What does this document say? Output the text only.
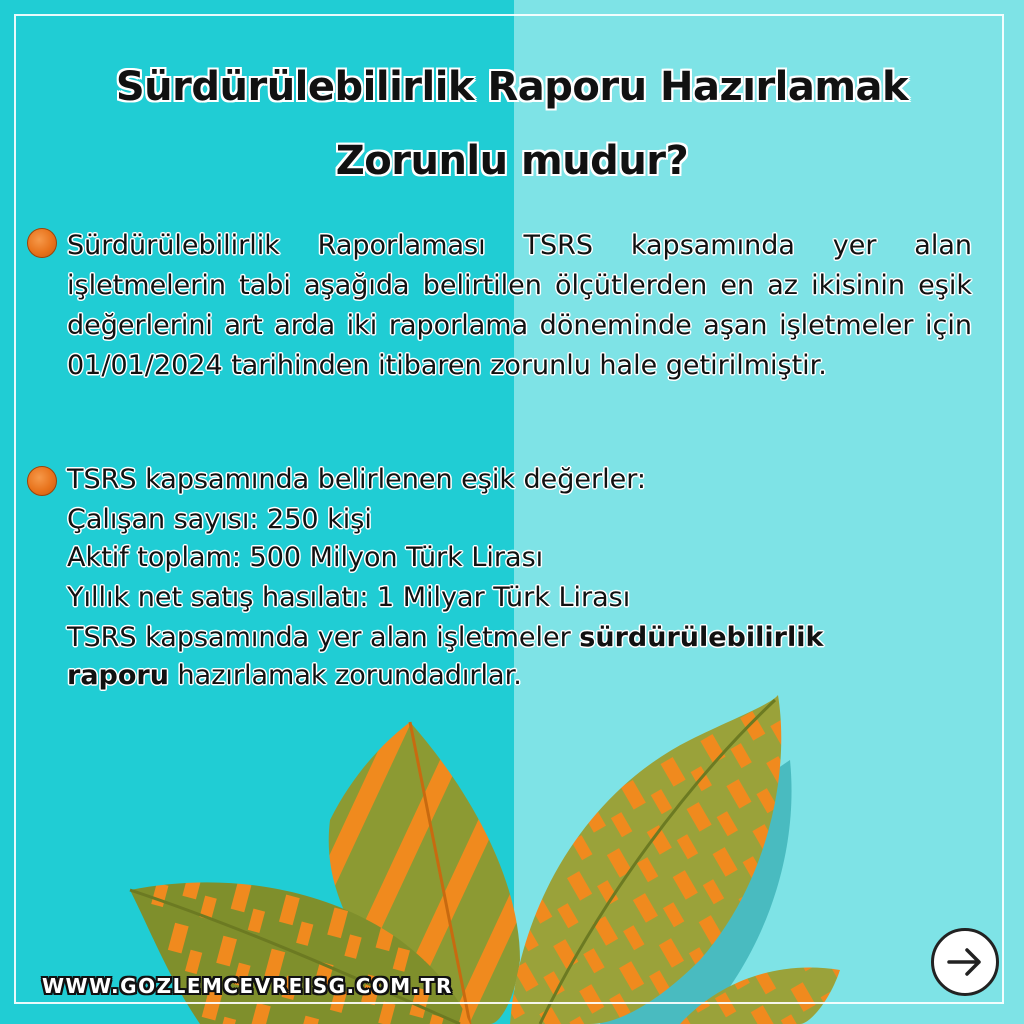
Sürdürülebilirlik Raporu Hazırlamak
Zorunlu mudur?
Sürdürülebilirlik Raporlaması TSRS kapsamında yer alan işletmelerin tabi aşağıda belirtilen ölçütlerden en az ikisinin eşik değerlerini art arda iki raporlama döneminde aşan işletmeler için 01/01/2024 tarihinden itibaren zorunlu hale getirilmiştir.
TSRS kapsamında belirlenen eşik değerler:
Çalışan sayısı: 250 kişi
Aktif toplam: 500 Milyon Türk Lirası
Yıllık net satış hasılatı: 1 Milyar Türk Lirası
TSRS kapsamında yer alan işletmeler sürdürülebilirlik
raporu hazırlamak zorundadırlar.
WWW.GOZLEMCEVREISG.COM.TR
